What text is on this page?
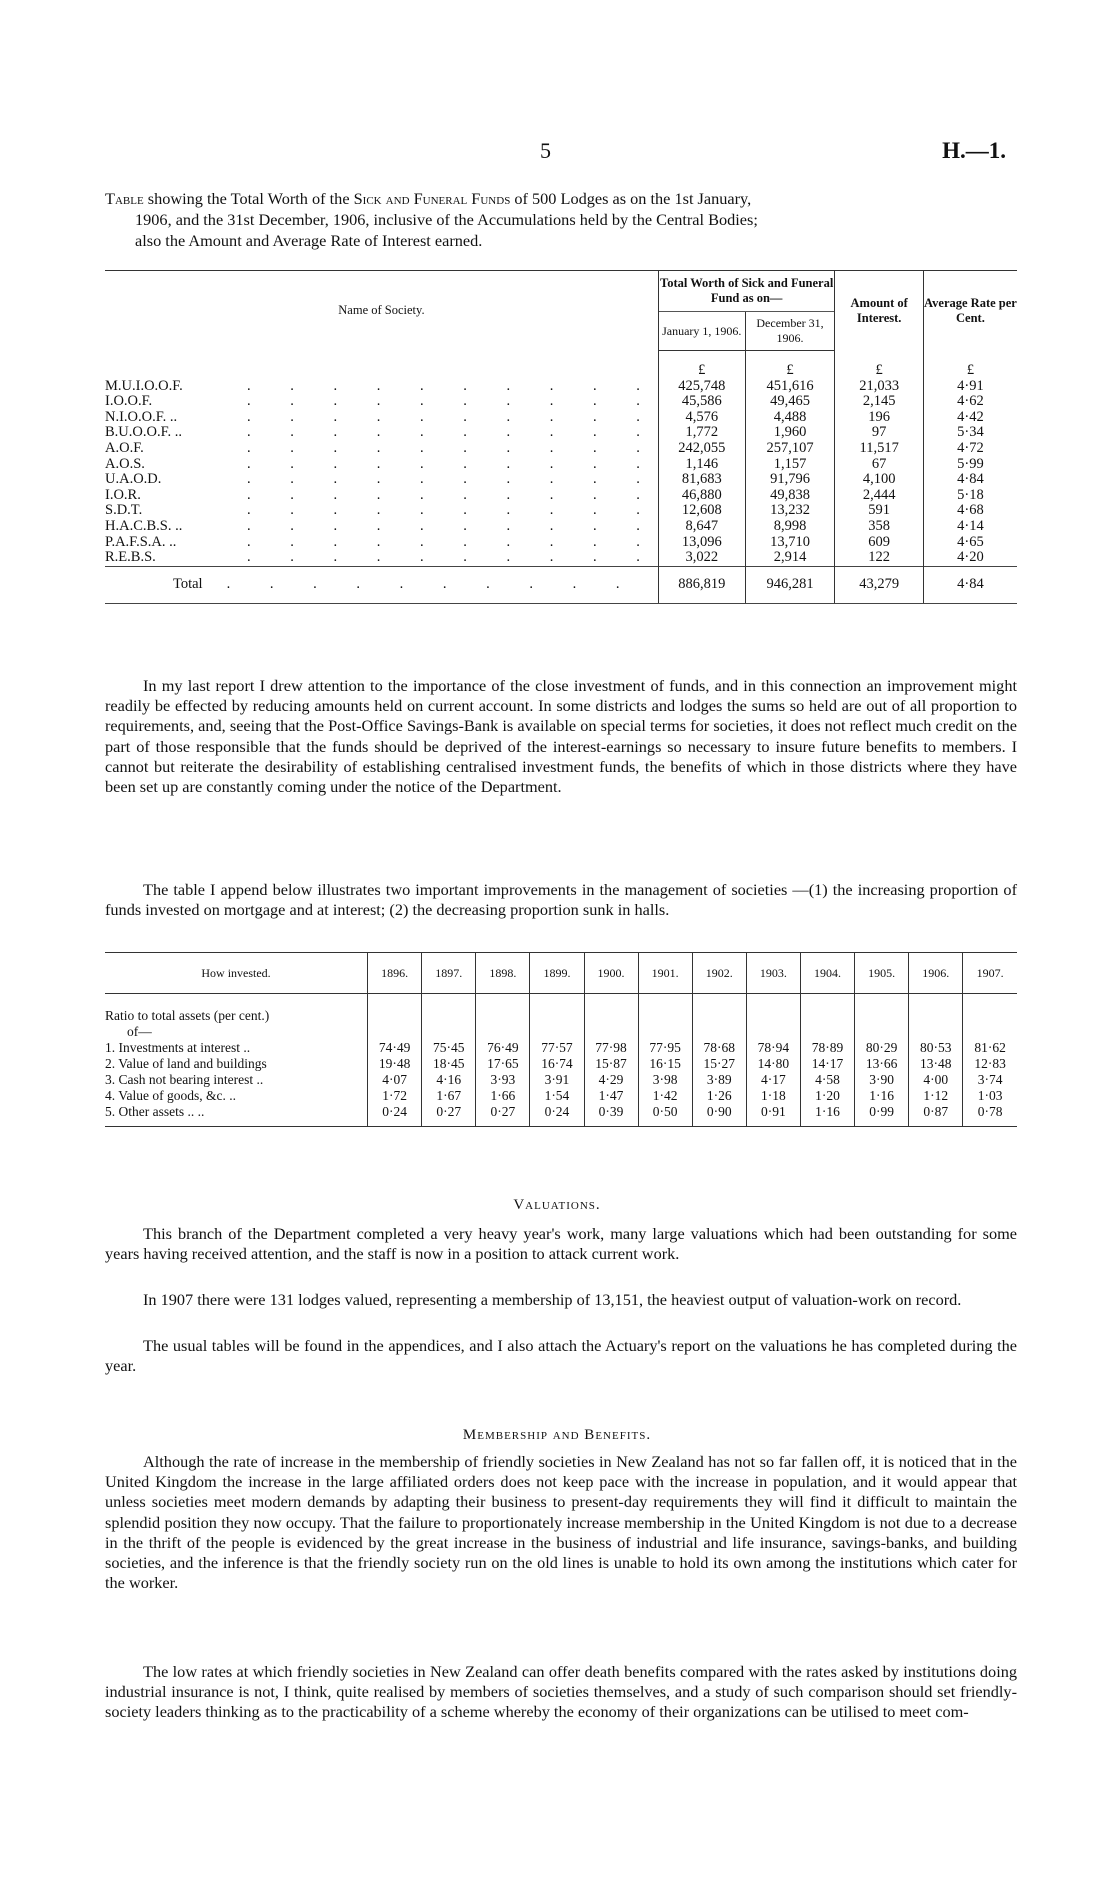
5	H.—1.

Table showing the Total Worth of the Sick and Funeral Funds of 500 Lodges as on the 1st January,

1906, and the 31st December, 1906, inclusive of the Accumulations held by the Central Bodies;

also the Amount and Average Rate of Interest earned.

Name of Society.	Total Worth of Sick and Funeral Fund as on—		Amount of Interest.	Average Rate per Cent.
	January 1, 1906.	December 31, 1906.		
	£	£	£	£
M.U.I.O.O.F. . . . . . . . . . .	425,748	451,616	21,033	4·91
I.O.O.F. . . . . . . . . . .	45,586	49,465	2,145	4·62
N.I.O.O.F. .. . . . . . . . . . .	4,576	4,488	196	4·42
B.U.O.O.F. .. . . . . . . . . . .	1,772	1,960	97	5·34
A.O.F. . . . . . . . . . .	242,055	257,107	11,517	4·72
A.O.S. . . . . . . . . . .	1,146	1,157	67	5·99
U.A.O.D. . . . . . . . . . .	81,683	91,796	4,100	4·84
I.O.R. . . . . . . . . . .	46,880	49,838	2,444	5·18
S.D.T. . . . . . . . . . .	12,608	13,232	591	4·68
H.A.C.B.S. .. . . . . . . . . . .	8,647	8,998	358	4·14
P.A.F.S.A. .. . . . . . . . . . .	13,096	13,710	609	4·65
R.E.B.S. . . . . . . . . . .	3,022	2,914	122	4·20
Total . . . . . . . . . .	886,819	946,281	43,279	4·84

In my last report I drew attention to the importance of the close investment of funds, and in this connection an improvement might readily be effected by reducing amounts held on current account. In some districts and lodges the sums so held are out of all proportion to requirements, and, seeing that the Post-Office Savings-Bank is available on special terms for societies, it does not reflect much credit on the part of those responsible that the funds should be deprived of the interest-earnings so necessary to insure future benefits to members. I cannot but reiterate the desirability of establishing centralised investment funds, the benefits of which in those districts where they have been set up are constantly coming under the notice of the Department.

The table I append below illustrates two important improvements in the management of societies —(1) the increasing proportion of funds invested on mortgage and at interest; (2) the decreasing proportion sunk in halls.

How invested.	1896.	1897.	1898.	1899.	1900.	1901.	1902.	1903.	1904.	1905.	1906.	1907.
Ratio to total assets (per cent.)												
of—												
1. Investments at interest ..	74·49	75·45	76·49	77·57	77·98	77·95	78·68	78·94	78·89	80·29	80·53	81·62
2. Value of land and buildings	19·48	18·45	17·65	16·74	15·87	16·15	15·27	14·80	14·17	13·66	13·48	12·83
3. Cash not bearing interest ..	4·07	4·16	3·93	3·91	4·29	3·98	3·89	4·17	4·58	3·90	4·00	3·74
4. Value of goods, &c. ..	1·72	1·67	1·66	1·54	1·47	1·42	1·26	1·18	1·20	1·16	1·12	1·03
5. Other assets .. ..	0·24	0·27	0·27	0·24	0·39	0·50	0·90	0·91	1·16	0·99	0·87	0·78
Valuations.

This branch of the Department completed a very heavy year's work, many large valuations which had been outstanding for some years having received attention, and the staff is now in a position to attack current work.

In 1907 there were 131 lodges valued, representing a membership of 13,151, the heaviest output of valuation-work on record.

The usual tables will be found in the appendices, and I also attach the Actuary's report on the valuations he has completed during the year.

Membership and Benefits.

Although the rate of increase in the membership of friendly societies in New Zealand has not so far fallen off, it is noticed that in the United Kingdom the increase in the large affiliated orders does not keep pace with the increase in population, and it would appear that unless societies meet modern demands by adapting their business to present-day requirements they will find it difficult to maintain the splendid position they now occupy. That the failure to proportionately increase membership in the United Kingdom is not due to a decrease in the thrift of the people is evidenced by the great increase in the business of industrial and life insurance, savings-banks, and building societies, and the inference is that the friendly society run on the old lines is unable to hold its own among the institutions which cater for the worker.

The low rates at which friendly societies in New Zealand can offer death benefits compared with the rates asked by institutions doing industrial insurance is not, I think, quite realised by members of societies themselves, and a study of such comparison should set friendly-society leaders thinking as to the practicability of a scheme whereby the economy of their organizations can be utilised to meet com-
